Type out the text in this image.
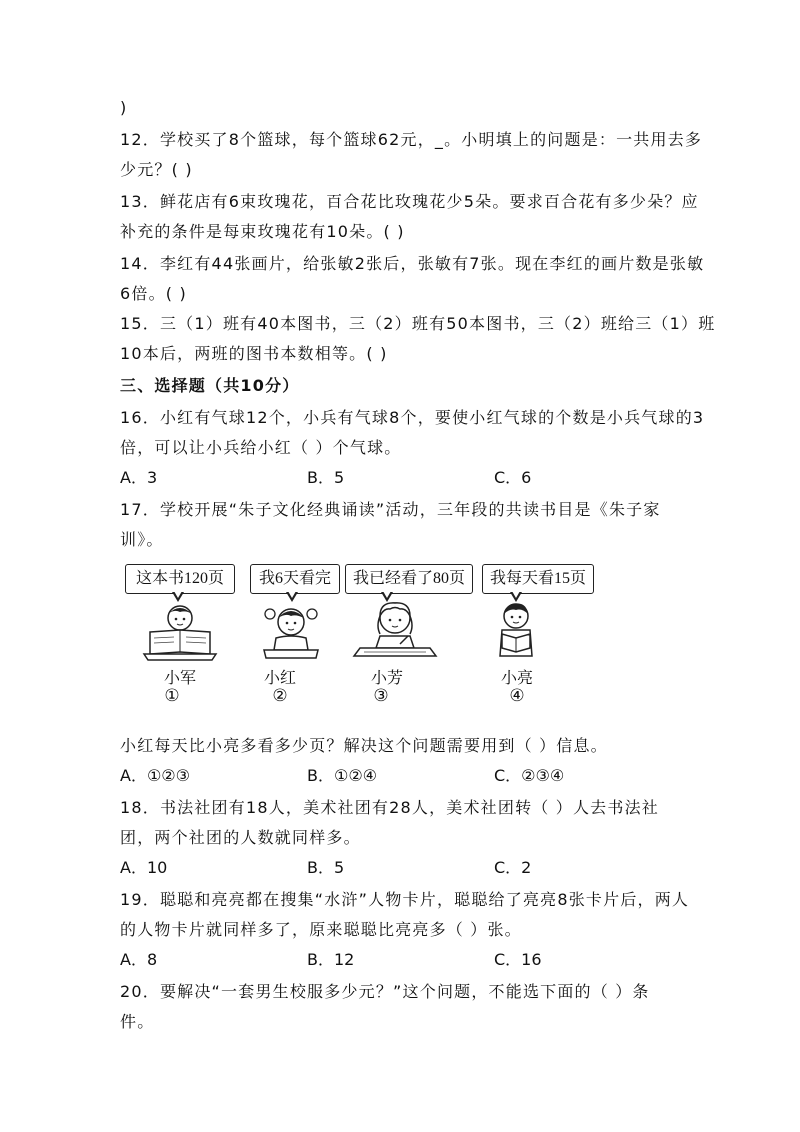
)
12．学校买了8个篮球，每个篮球62元，_。小明填上的问题是：一共用去多
少元？( )
13．鲜花店有6束玫瑰花，百合花比玫瑰花少5朵。要求百合花有多少朵？应
补充的条件是每束玫瑰花有10朵。( )
14．李红有44张画片，给张敏2张后，张敏有7张。现在李红的画片数是张敏
6倍。( )
15．三（1）班有40本图书，三（2）班有50本图书，三（2）班给三（1）班
10本后，两班的图书本数相等。( )
三、选择题（共10分）
16．小红有气球12个，小兵有气球8个，要使小红气球的个数是小兵气球的3
倍，可以让小兵给小红（ ）个气球。
A．3	B．5	C．6
17．学校开展“朱子文化经典诵读”活动，三年段的共读书目是《朱子家
训》。
这本书120页	我6天看完	我已经看了80页	我每天看15页
小军	小红	小芳	小亮
①	②	③	④
小红每天比小亮多看多少页？解决这个问题需要用到（ ）信息。
A．①②③	B．①②④	C．②③④
18．书法社团有18人，美术社团有28人，美术社团转（ ）人去书法社
团，两个社团的人数就同样多。
A．10	B．5	C．2
19．聪聪和亮亮都在搜集“水浒”人物卡片，聪聪给了亮亮8张卡片后，两人
的人物卡片就同样多了，原来聪聪比亮亮多（ ）张。
A．8	B．12	C．16
20．要解决“一套男生校服多少元？”这个问题，不能选下面的（ ）条
件。
